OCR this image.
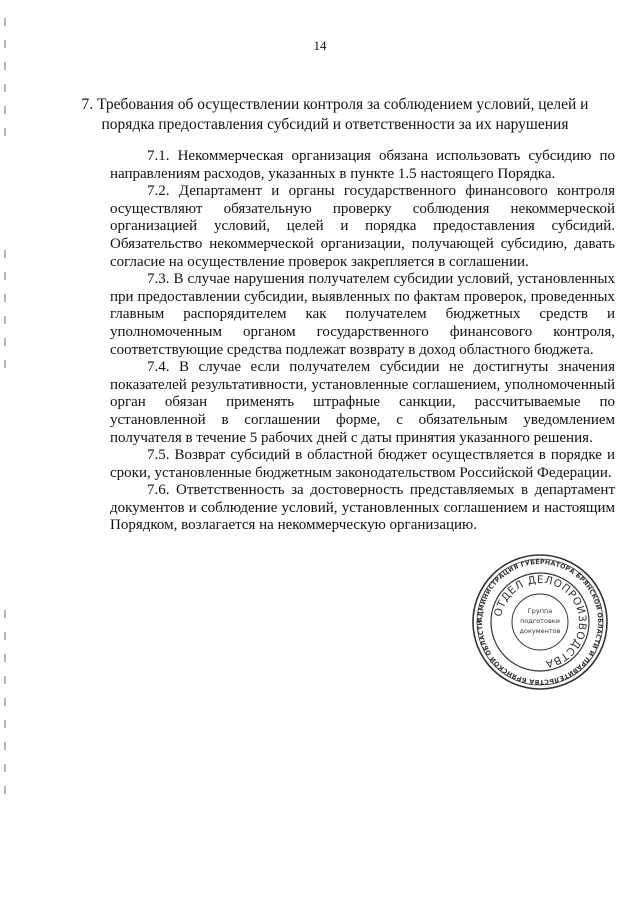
14
7. Требования об осуществлении контроля за соблюдением условий, целей и порядка предоставления субсидий и ответственности за их нарушения

7.1. Некоммерческая организация обязана использовать субсидию по направлениям расходов, указанных в пункте 1.5 настоящего Порядка.

7.2. Департамент и органы государственного финансового контроля осуществляют обязательную проверку соблюдения некоммерческой организацией условий, целей и порядка предоставления субсидий. Обязательство некоммерческой организации, получающей субсидию, давать согласие на осуществление проверок закрепляется в соглашении.

7.3. В случае нарушения получателем субсидии условий, установленных при предоставлении субсидии, выявленных по фактам проверок, проведенных главным распорядителем как получателем бюджетных средств и уполномоченным органом государственного финансового контроля, соответствующие средства подлежат возврату в доход областного бюджета.

7.4. В случае если получателем субсидии не достигнуты значения показателей результативности, установленные соглашением, уполномоченный орган обязан применять штрафные санкции, рассчитываемые по установленной в соглашении форме, с обязательным уведомлением получателя в течение 5 рабочих дней с даты принятия указанного решения.

7.5. Возврат субсидий в областной бюджет осуществляется в порядке и сроки, установленные бюджетным законодательством Российской Федерации.

7.6. Ответственность за достоверность представляемых в департамент документов и соблюдение условий, установленных соглашением и настоящим Порядком, возлагается на некоммерческую организацию.

АДМИНИСТРАЦИЯ ГУБЕРНАТОРА БРЯНСКОЙ ОБЛАСТИ И ПРАВИТЕЛЬСТВА БРЯНСКОЙ ОБЛАСТИ
ОТДЕЛ ДЕЛОПРОИЗВОДСТВА
Группа
подготовки
документов
